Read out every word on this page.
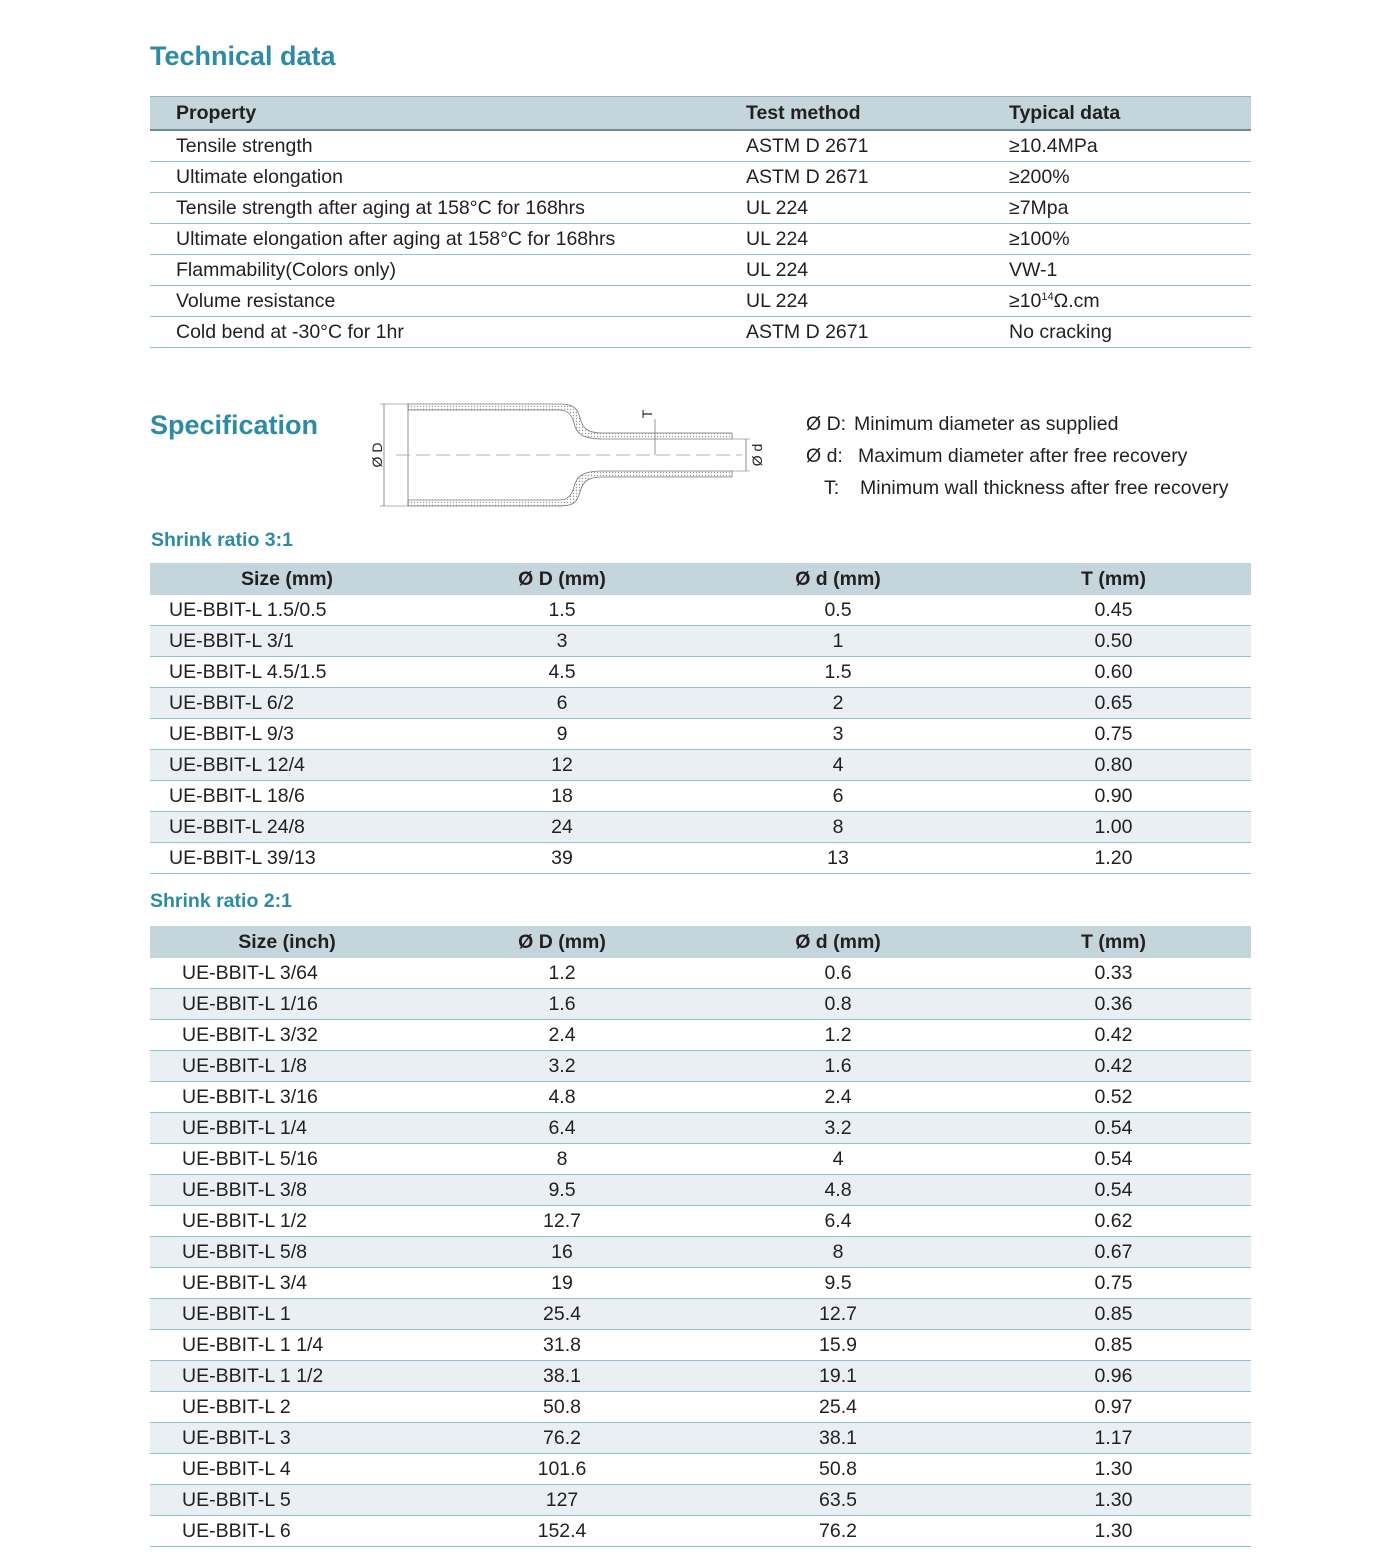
Technical data
Property	Test method	Typical data
Tensile strength	ASTM D 2671	≥10.4MPa
Ultimate elongation	ASTM D 2671	≥200%
Tensile strength after aging at 158°C for 168hrs	UL 224	≥7Mpa
Ultimate elongation after aging at 158°C for 168hrs	UL 224	≥100%
Flammability(Colors only)	UL 224	VW-1
Volume resistance	UL 224	$\ge 10^{14}\Omega.cm$
Cold bend at -30°C for 1hr	ASTM D 2671	No cracking
Specification
Ø D	Ø d
T	Ø D: Minimum diameter as supplied
Ø d: Maximum diameter after free recovery
T:	Minimum wall thickness after free recovery
Shrink ratio 3:1
Size (mm)	Ø D (mm)	Ø d (mm)	T (mm)
UE-BBIT-L 1.5/0.5	1.5	0.5	0.45
UE-BBIT-L 3/1	3	1	0.50
UE-BBIT-L 4.5/1.5	4.5	1.5	0.60
UE-BBIT-L 6/2	6	2	0.65
UE-BBIT-L 9/3	9	3	0.75
UE-BBIT-L 12/4	12	4	0.80
UE-BBIT-L 18/6	18	6	0.90
UE-BBIT-L 24/8	24	8	1.00
UE-BBIT-L 39/13	39	13	1.20
Shrink ratio 2:1
Size (inch)	Ø D (mm)	Ø d (mm)	T (mm)
UE-BBIT-L 3/64	1.2	0.6	0.33
UE-BBIT-L 1/16	1.6	0.8	0.36
UE-BBIT-L 3/32	2.4	1.2	0.42
UE-BBIT-L 1/8	3.2	1.6	0.42
UE-BBIT-L 3/16	4.8	2.4	0.52
UE-BBIT-L 1/4	6.4	3.2	0.54
UE-BBIT-L 5/16	8	4	0.54
UE-BBIT-L 3/8	9.5	4.8	0.54
UE-BBIT-L 1/2	12.7	6.4	0.62
UE-BBIT-L 5/8	16	8	0.67
UE-BBIT-L 3/4	19	9.5	0.75
UE-BBIT-L 1	25.4	12.7	0.85
UE-BBIT-L 1 1/4	31.8	15.9	0.85
UE-BBIT-L 1 1/2	38.1	19.1	0.96
UE-BBIT-L 2	50.8	25.4	0.97
UE-BBIT-L 3	76.2	38.1	1.17
UE-BBIT-L 4	101.6	50.8	1.30
UE-BBIT-L 5	127	63.5	1.30
UE-BBIT-L 6	152.4	76.2	1.30
